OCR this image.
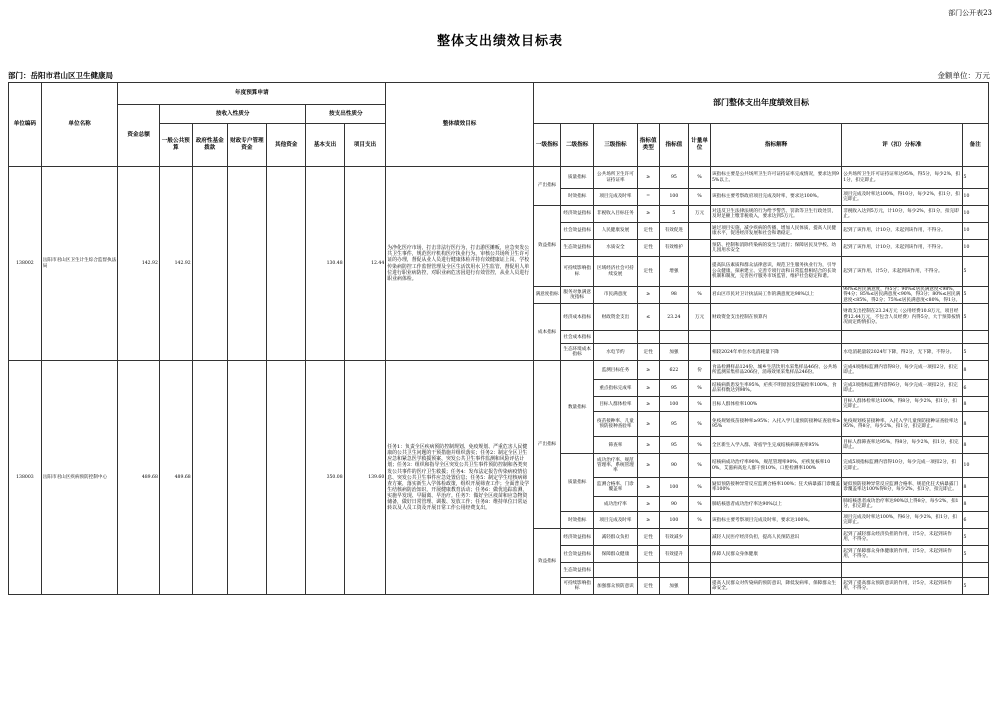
部门公开表23
整体支出绩效目标表
部门：岳阳市君山区卫生健康局	金额单位：万元
单位编码	单位名称	年度预算申请							整体绩效目标	部门整体支出年度绩效目标								
		资金总额	按收入性质分				按支出性质分											
			一般公共预算	政府性基金拨款	财政专户管理资金	其他资金	基本支出	项目支出		一级指标	二级指标	三级指标	指标值类型	指标值	计量单位	指标解释	评（扣）分标准	备注
138002	岳阳市君山区卫生计生综合监督执法局	142.92	142.92				130.48	12.44	为净化医疗市场，打击非法行医行为，打击游医摊贩，应急突发公共卫生事件，规范医疗机构医疗执业行为，审核公共场所卫生许可证的办理，督促从业人员进行健康体检并持有效健康证上岗，学校传染病防控工作监督管理及全区生活饮用水卫生监管，督促用人单位进行职业病防控，对职业病危害因进行有效管控，从业人员进行职业病体检。	产出指标	质量指标	公共场所卫生许可证持证率	≥	95	%	该指标主要是公共场所卫生许可证持证率完成情况，要求达到95%以上。	公共场所卫生许可证持证率达95%，得5分，每少2%，扣1分，扣完即止。	5
											时效指标	项目完成及时率	=	100	%	该指标主要考察政府项目完成及时率，要求达100%。	项目完成及时率达100%，得10分，每少2%，扣1分，扣完即止。	10
										效益指标	经济效益指标	非税收入目标任务	≥	5	万元	对违反卫生法律法规的行为给予警告、罚款等卫生行政处罚，及时足额上缴非税收入，要求达到5万元。	非税收入达到5万元，计10分，每少2%，扣1分，扣完即止。	10
											社会效益指标	人民健康发展	定性	有效促进		通过项目实施，减少疾病的传播，增加人民体质，提高人民健康水平，促进经济发展和社会和谐稳定。	起到了该作用，计10分，未起到该作用，不得分。	10
											生态效益指标	水质安全	定性	有效维护		预防、控制和消除传染病的发生与流行；保障居民及学校、幼儿园用水安全	起到了该作用，计10分，未起到该作用，不得分。	10
											可持续影响指标	区域经济社会可持续发展	定性	增强		提高队伍素质和群众法律意识，规范卫生服务执业行为，引导公众健康，探索建立、完善专项行动和日常监督相结合的长效机制和制度，完善医疗服务市场监管，维护社会稳定和谐。	起到了该作用，计5分，未起到该作用，不得分。	5
										满意度指标	服务对象满意度指标	市民满意度	≥	98	%	君山区市民对卫计执法局工作的满意度达98%以上	98%≤居民满意度，得5分；90%≤居民满意度<98%，得4分；85%≤居民满意度<90%，得3分；80%≤居民满意度<85%，得2分；75%≤居民满意度<80%，得1分。	5
										成本指标	经济成本指标	财政资金支出	≤	23.24	万元	财政资金支出控制在预算内	财政支出控制在23.24万元（公用经费10.8万元，项目经费12.44万元，不包含人员经费）内得5分，大于预算按情况而定酌情扣分。	5
											社会成本指标							
											生态环境成本指标	水电节约	定性	加强		相较2024年单位水电消耗量下降	水电消耗量较2024年下降，得2分，无下降，不得分。	5
138003	岳阳市君山区疾病预防控制中心	489.68	489.68				350.08	139.60	任务1：负责全区疾病预防控制规划、免疫规划、严重危害人民健康的公共卫生问题的干预措施并组织落实；任务2：制定全区卫生应急和紧急医学救援预案、突发公共卫生事件监测和风险评估计划；任务3：组织和指导全区突发公共卫生事件预防控制和各类突发公共事件的医疗卫生救援；任务4：发布法定报告传染病疫情信息、突发公共卫生事件应急处置信息；任务5：制定学生结核病筛查方案，落实新生入学体检政策，组织开展筛查工作；全面普及学生结核病防治知识，开展健康教育活动；任务6：做优追踪监测，实施早发现、早隔离、早治疗。任务7：做好全区疫苗和应急物资储备，做好日常管理、调拨、发放工作；任务8：维持单位日常运转以及人员工资及开展日常工作公用经费支出。	产出指标	数量指标	监测目标任务	≥	622	份	食品检测样品124份、城乡生活饮用水采集样品46份、公共场所监测采集样品206份，消毒效果采集样品246份。	完成4项指标监测内容得8分，每少完成一项扣2分，扣完即止。	8
												重点指标完成率	≥	95	%	结核病新患发生率95%，疟疾不明原因发热镜检率100%，食品采样数达到98%。	完成3项指标监测内容得6分，每少完成一项扣2分，扣完即止。	6
												目标人群体检率	≥	100	%	目标人群体检率100%	目标人群体检率达100%，得8分，每少2%，扣1分，扣完即止。	8
												疫苗接种率、儿童预防接种查验率	≥	95	%	免疫规划疫苗接种率≥95%；入托入学儿童预防接种证查验率≥95%	免疫规划疫苗接种率、入托入学儿童预防接种证查验率达95%，得8分，每少2%，扣1分，扣完即止。	8
												筛查率	≥	95	%	全区新生入学入群、寄宿学生完成结核病筛查率95%	目标人群筛查率达95%，得8分，每少2%，扣1分，扣完即止。	8
											质量指标	成功治疗率、规范管理率、系统管理率	≥	90	%	结核病成功治疗率90%，规范管理率90%，疟疾复核率100%，艾滋病高危人群干预10%，口腔检测率100%	完成5项指标监测内容得10分，每少完成一项扣2分，扣完即止。	10
												监测合格率、门诊覆盖率	≥	100	%	疑似预防接种异常反应监测合格率100%；狂犬病暴露门诊覆盖率100%	疑似预防接种异常反应监测合格率、规范化狂犬病暴露门诊覆盖率达100%得8分，每少2%，扣1分，扣完即止。	8
												成功治疗率	≥	90	%	肺结核患者成功治疗率达90%以上	肺结核患者成功治疗率达90%以上得8分，每少2%，扣1分，扣完即止。	8
											时效指标	项目完成及时率	≥	100	%	该指标主要考察项目完成及时率，要求达100%。	项目完成及时率达100%，得6分，每少2%，扣1分，扣完即止。	6
										效益指标	经济效益指标	减轻群众负担	定性	有效减少		减轻人民医疗经济负担，提高人民预防意识	起到了减轻群众经济负担的作用，计5分，未起到该作用，不得分。	5
											社会效益指标	保障群众健康	定性	有效提升		保障人民群众身体健康	起到了保障群众身体健康的作用，计5分，未起到该作用，不得分。	5
											生态效益指标							
											可持续影响指标	加强群众预防意识	定性	加强		提高人民群众对传染病的预防意识，降低发病率，保障群众生命安全。	起到了提高群众预防意识的作用，计5分，未起到该作用，不得分。	5
